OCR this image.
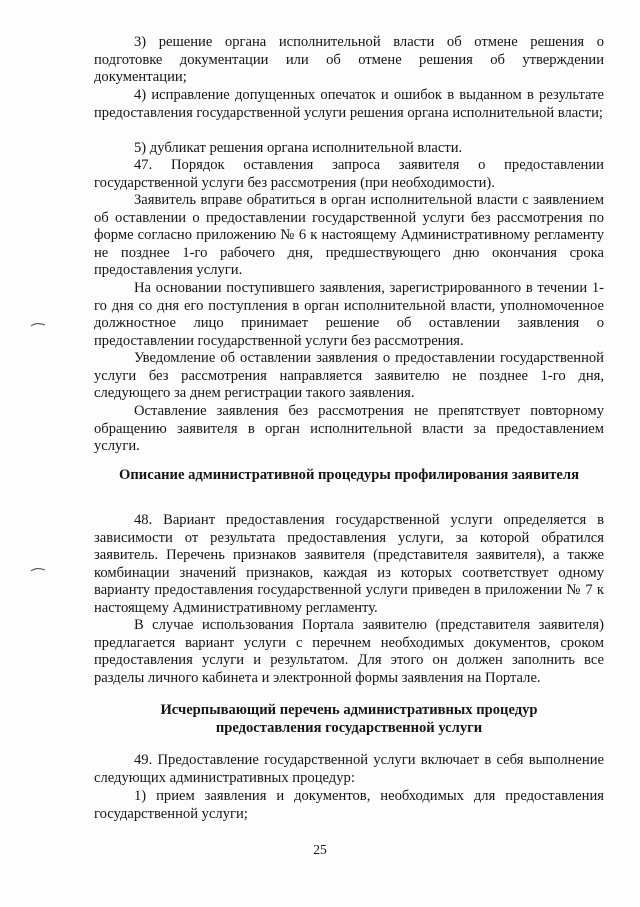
3) решение органа исполнительной власти об отмене решения о подготовке документации или об отмене решения об утверждении документации;

4) исправление допущенных опечаток и ошибок в выданном в результате предоставления государственной услуги решения органа исполнительной власти;

5) дубликат решения органа исполнительной власти.

47. Порядок оставления запроса заявителя о предоставлении государственной услуги без рассмотрения (при необходимости).

Заявитель вправе обратиться в орган исполнительной власти с заявлением об оставлении о предоставлении государственной услуги без рассмотрения по форме согласно приложению № 6 к настоящему Административному регламенту не позднее 1-го рабочего дня, предшествующего дню окончания срока предоставления услуги.

На основании поступившего заявления, зарегистрированного в течении 1-го дня со дня его поступления в орган исполнительной власти, уполномоченное должностное лицо принимает решение об оставлении заявления о предоставлении государственной услуги без рассмотрения.

Уведомление об оставлении заявления о предоставлении государственной услуги без рассмотрения направляется заявителю не позднее 1-го дня, следующего за днем регистрации такого заявления.

Оставление заявления без рассмотрения не препятствует повторному обращению заявителя в орган исполнительной власти за предоставлением услуги.

Описание административной процедуры профилирования заявителя

48. Вариант предоставления государственной услуги определяется в зависимости от результата предоставления услуги, за которой обратился заявитель. Перечень признаков заявителя (представителя заявителя), а также комбинации значений признаков, каждая из которых соответствует одному варианту предоставления государственной услуги приведен в приложении № 7 к настоящему Административному регламенту.

В случае использования Портала заявителю (представителя заявителя) предлагается вариант услуги с перечнем необходимых документов, сроком предоставления услуги и результатом. Для этого он должен заполнить все разделы личного кабинета и электронной формы заявления на Портале.

Исчерпывающий перечень административных процедур
предоставления государственной услуги

49. Предоставление государственной услуги включает в себя выполнение следующих административных процедур:

1) прием заявления и документов, необходимых для предоставления государственной услуги;

25
